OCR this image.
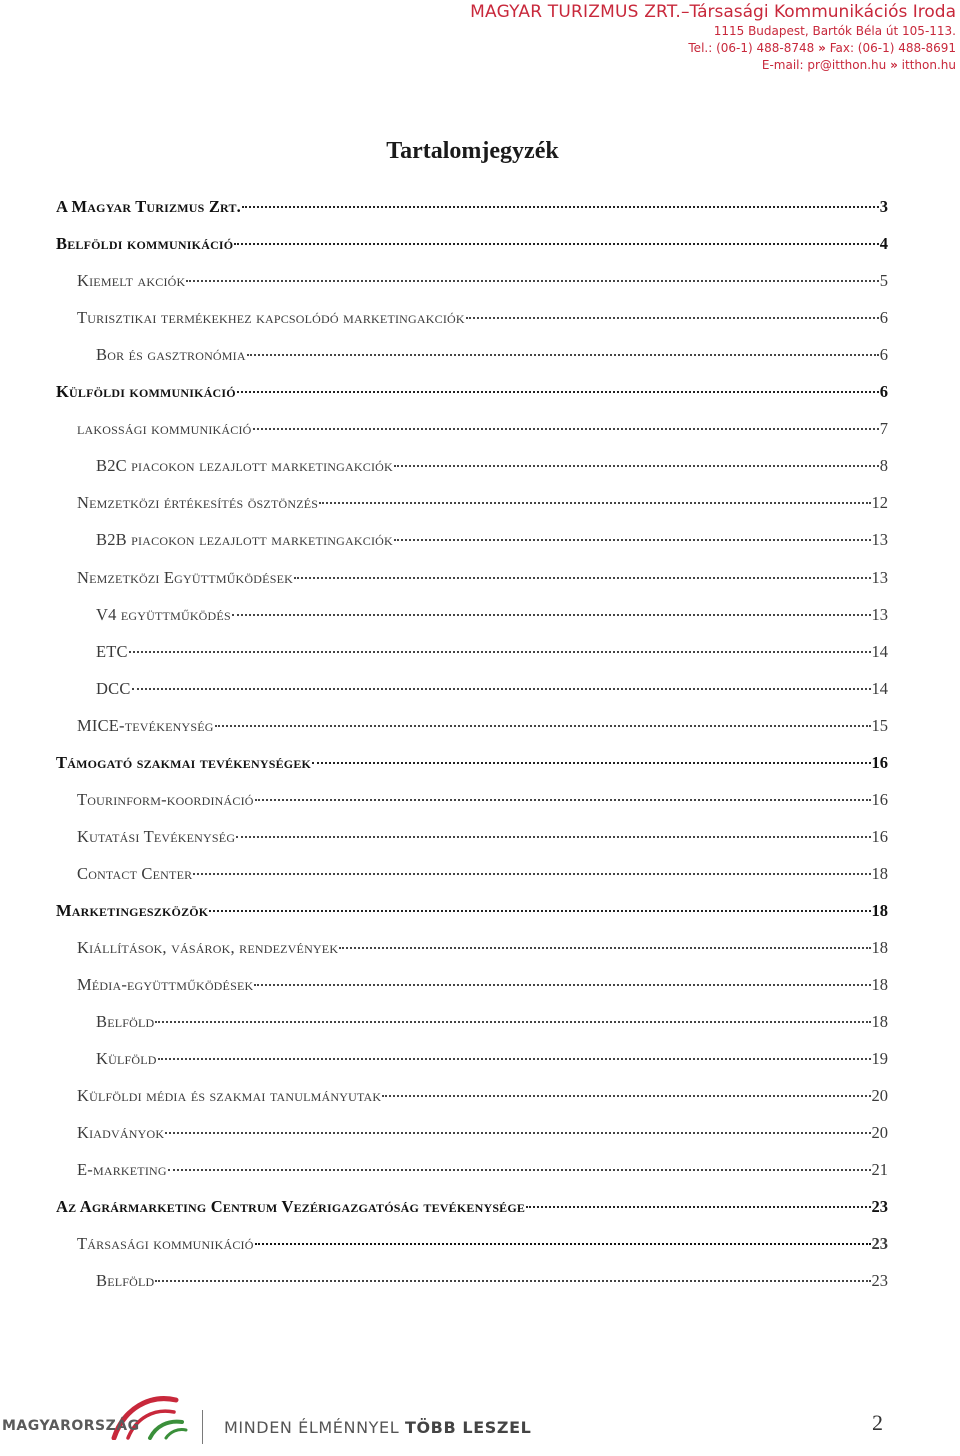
MAGYAR TURIZMUS ZRT.–Társasági Kommunikációs Iroda
1115 Budapest, Bartók Béla út 105-113.
Tel.: (06-1) 488-8748 » Fax: (06-1) 488-8691
E-mail: pr@itthon.hu » itthon.hu
Tartalomjegyzék
A Magyar Turizmus Zrt.	3
Belföldi kommunikáció	4
Kiemelt akciók	5
Turisztikai termékekhez kapcsolódó marketingakciók	6
Bor és gasztronómia	6
Külföldi kommunikáció	6
lakossági kommunikáció	7
B2C piacokon lezajlott marketingakciók	8
Nemzetközi értékesítés ösztönzés	12
B2B piacokon lezajlott marketingakciók	13
Nemzetközi Együttműködések	13
V4 együttműködés	13
ETC	14
DCC	14
MICE-tevékenység	15
Támogató szakmai tevékenységek	16
Tourinform-koordináció	16
Kutatási Tevékenység	16
Contact Center	18
Marketingeszközök	18
Kiállítások, vásárok, rendezvények	18
Média-együttműködések	18
Belföld	18
Külföld	19
Külföldi média és szakmai tanulmányutak	20
Kiadványok	20
E-marketing	21
Az Agrármarketing Centrum Vezérigazgatóság tevékenysége	23
Társasági kommunikáció	23
Belföld	23
MAGYARORSZÁG	MINDEN ÉLMÉNNYEL TÖBB LESZEL	2
